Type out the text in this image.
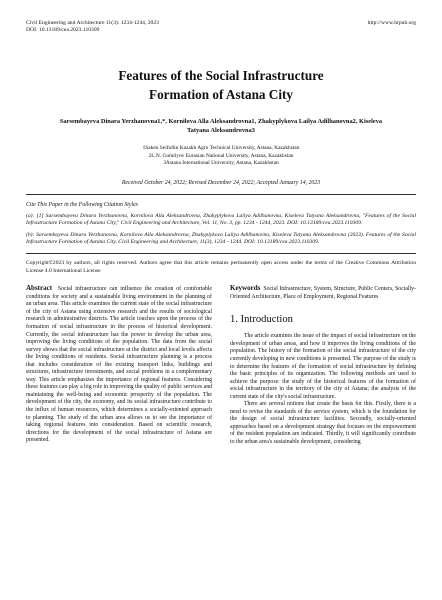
Civil Engineering and Architecture 11(3): 1234-1244, 2023
DOI: 10.13189/cea.2023.110309
http://www.hrpub.org
Features of the Social Infrastructure
Formation of Astana City
Sarsembayeva Dinara Yerzhanovna1,*, Kornilova Alla Aleksandrovna1, Zhakyplykova Lailya Adilhanovna2, Kiseleva Tatyana Aleksandrovna3
1Saken Seifullin Kazakh Agro Technical University, Astana, Kazakhstan
2L.N. Gumilyov Eurasian National University, Astana, Kazakhstan
3Astana International University, Astana, Kazakhstan
Received October 24, 2022; Revised December 24, 2022; Accepted January 14, 2023
Cite This Paper in the Following Citation Styles
(a): [1] Sarsembayeva Dinara Yerzhanovna, Kornilova Alla Aleksandrovna, Zhakyplykova Lailya Adilhanovna, Kiseleva Tatyana Aleksandrovna, "Features of the Social Infrastructure Formation of Astana City," Civil Engineering and Architecture, Vol. 11, No. 3, pp. 1234 - 1244, 2023. DOI: 10.13189/cea.2023.110309.
(b): Sarsembayeva Dinara Yerzhanovna, Kornilova Alla Aleksandrovna, Zhakyplykova Lailya Adilhanovna, Kiseleva Tatyana Aleksandrovna (2023). Features of the Social Infrastructure Formation of Astana City. Civil Engineering and Architecture, 11(3), 1234 - 1244. DOI: 10.13189/cea.2023.110309.
Copyright©2023 by authors, all rights reserved. Authors agree that this article remains permanently open access under the terms of the Creative Commons Attribution License 4.0 International License
Abstract Social infrastructure can influence the creation of comfortable conditions for society and a sustainable living environment in the planning of an urban area. This article examines the current state of the social infrastructure of the city of Astana using extensive research and the results of sociological research in administrative districts. The article touches upon the process of the formation of social infrastructure in the process of historical development. Currently, the social infrastructure has the power to develop the urban area, improving the living conditions of the population. The data from the social survey shows that the social infrastructure at the district and local levels affects the living conditions of residents. Social infrastructure planning is a process that includes consideration of the existing transport links, buildings and structures, infrastructure investments, and social problems in a complementary way. This article emphasizes the importance of regional features. Considering these features can play a big role in improving the quality of public services and maintaining the well-being and economic prosperity of the population. The development of the city, the economy, and its social infrastructure contribute to the influx of human resources, which determines a socially-oriented approach to planning. The study of the urban area allows us to see the importance of taking regional features into consideration. Based on scientific research, directions for the development of the social infrastructure of Astana are presented.
Keywords Social Infrastructure, System, Structure, Public Centers, Socially-Oriented Architecture, Place of Employment, Regional Features
1. Introduction
The article examines the issue of the impact of social infrastructure on the development of urban areas, and how it improves the living conditions of the population. The history of the formation of the social infrastructure of the city currently developing in new conditions is presented. The purpose of the study is to determine the features of the formation of social infrastructure by defining the basic principles of its organization. The following methods are used to achieve the purpose: the study of the historical features of the formation of social infrastructure in the territory of the city of Astana; the analysis of the current state of the city's social infrastructure.
There are several notions that create the basis for this. Firstly, there is a need to revise the standards of the service system, which is the foundation for the design of social infrastructure facilities. Secondly, socially-oriented approaches based on a development strategy that focuses on the empowerment of the resident population are indicated. Thirdly, it will significantly contribute to the urban area's sustainable development, considering
